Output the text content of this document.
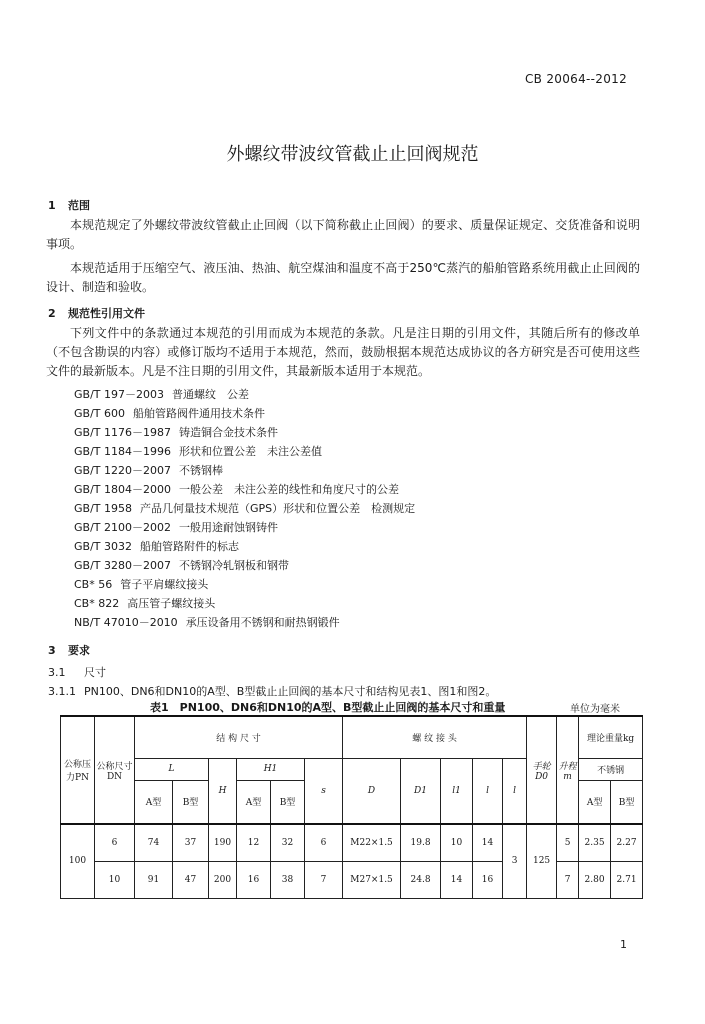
CB 20064--2012
外螺纹带波纹管截止止回阀规范
1 范围
本规范规定了外螺纹带波纹管截止止回阀（以下简称截止止回阀）的要求、质量保证规定、交货准备和说明事项。
本规范适用于压缩空气、液压油、热油、航空煤油和温度不高于250℃蒸汽的船舶管路系统用截止止回阀的设计、制造和验收。
2 规范性引用文件
下列文件中的条款通过本规范的引用而成为本规范的条款。凡是注日期的引用文件，其随后所有的修改单（不包含勘误的内容）或修订版均不适用于本规范，然而，鼓励根据本规范达成协议的各方研究是否可使用这些文件的最新版本。凡是不注日期的引用文件，其最新版本适用于本规范。
GB/T 197－2003 普通螺纹　公差
GB/T 600 船舶管路阀件通用技术条件
GB/T 1176－1987 铸造铜合金技术条件
GB/T 1184－1996 形状和位置公差　未注公差值
GB/T 1220－2007 不锈钢棒
GB/T 1804－2000 一般公差　未注公差的线性和角度尺寸的公差
GB/T 1958 产品几何量技术规范（GPS）形状和位置公差　检测规定
GB/T 2100－2002 一般用途耐蚀钢铸件
GB/T 3032 船舶管路附件的标志
GB/T 3280－2007 不锈钢冷轧钢板和钢带
CB* 56 管子平肩螺纹接头
CB* 822 高压管子螺纹接头
NB/T 47010－2010 承压设备用不锈钢和耐热钢锻件
3 要求
3.1 尺寸
3.1.1 PN100、DN6和DN10的A型、B型截止止回阀的基本尺寸和结构见表1、图1和图2。
表1　PN100、DN6和DN10的A型、B型截止止回阀的基本尺寸和重量	单位为毫米
公称压力PN	公称尺寸DN	结 构 尺 寸						螺 纹 接 头					手轮D0	升程m	理论重量kg	
		L		H	H1		s	D	D1	l1	l	l			不锈钢	
		A型	B型		A型	B型									A型	B型

100	6	74	37	190	12	32	6	M22×1.5	19.8	10	14	3	125	5	2.35	2.27
	10	91	47	200	16	38	7	M27×1.5	24.8	14	16			7	2.80	2.71
1
